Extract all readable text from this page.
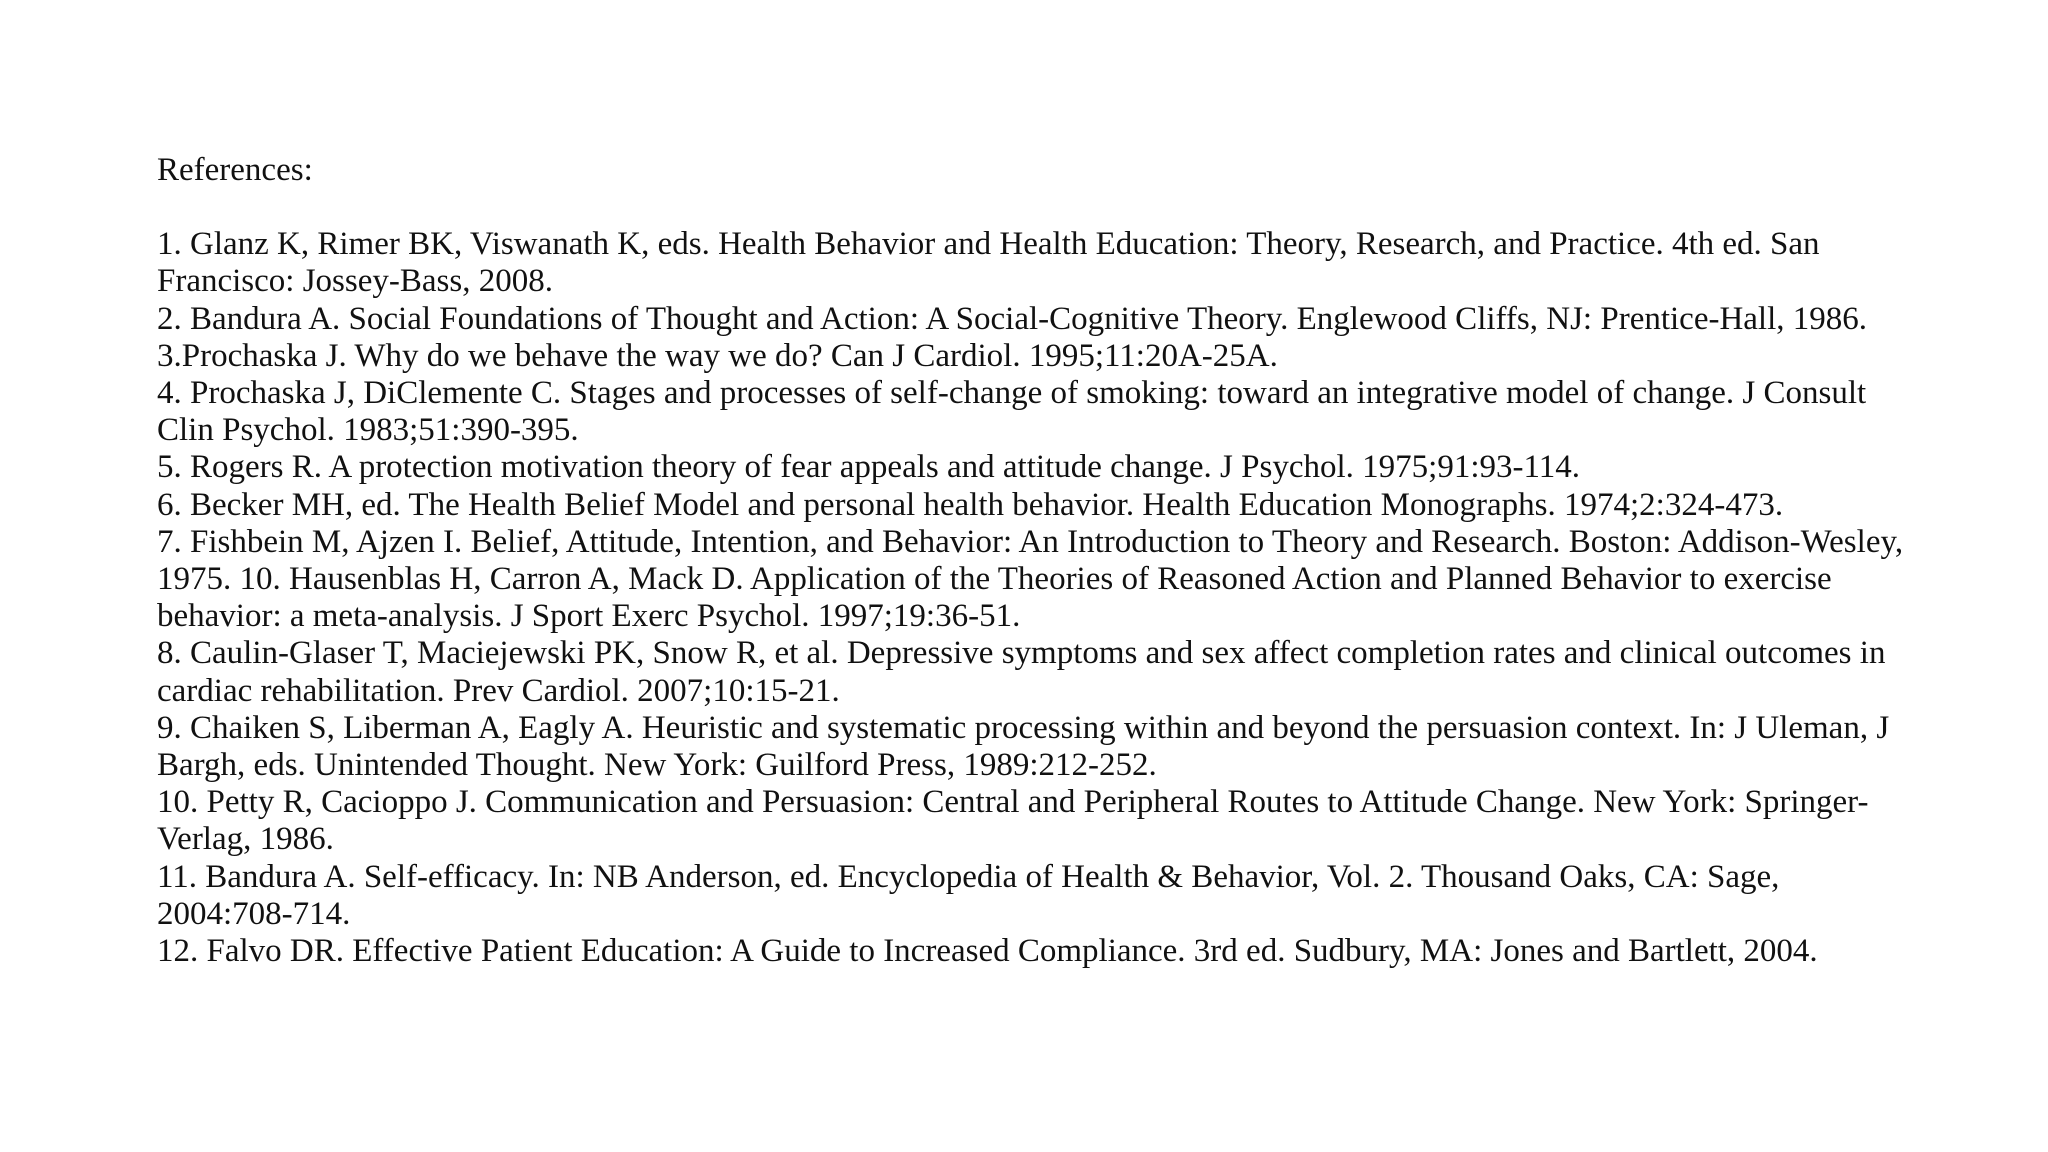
References:

1. Glanz K, Rimer BK, Viswanath K, eds. Health Behavior and Health Education: Theory, Research, and Practice. 4th ed. San Francisco: Jossey-Bass, 2008.
2. Bandura A. Social Foundations of Thought and Action: A Social-Cognitive Theory. Englewood Cliffs, NJ: Prentice-Hall, 1986.
3.Prochaska J. Why do we behave the way we do? Can J Cardiol. 1995;11:20A-25A.
4. Prochaska J, DiClemente C. Stages and processes of self-change of smoking: toward an integrative model of change. J Consult Clin Psychol. 1983;51:390-395.
5. Rogers R. A protection motivation theory of fear appeals and attitude change. J Psychol. 1975;91:93-114.
6. Becker MH, ed. The Health Belief Model and personal health behavior. Health Education Monographs. 1974;2:324-473.
7. Fishbein M, Ajzen I. Belief, Attitude, Intention, and Behavior: An Introduction to Theory and Research. Boston: Addison-Wesley, 1975. 10. Hausenblas H, Carron A, Mack D. Application of the Theories of Reasoned Action and Planned Behavior to exercise behavior: a meta-analysis. J Sport Exerc Psychol. 1997;19:36-51.
8. Caulin-Glaser T, Maciejewski PK, Snow R, et al. Depressive symptoms and sex affect completion rates and clinical outcomes in cardiac rehabilitation. Prev Cardiol. 2007;10:15-21.
9. Chaiken S, Liberman A, Eagly A. Heuristic and systematic processing within and beyond the persuasion context. In: J Uleman, J Bargh, eds. Unintended Thought. New York: Guilford Press, 1989:212-252.
10. Petty R, Cacioppo J. Communication and Persuasion: Central and Peripheral Routes to Attitude Change. New York: Springer-Verlag, 1986.
11. Bandura A. Self-efficacy. In: NB Anderson, ed. Encyclopedia of Health & Behavior, Vol. 2. Thousand Oaks, CA: Sage, 2004:708-714.
12. Falvo DR. Effective Patient Education: A Guide to Increased Compliance. 3rd ed. Sudbury, MA: Jones and Bartlett, 2004.
